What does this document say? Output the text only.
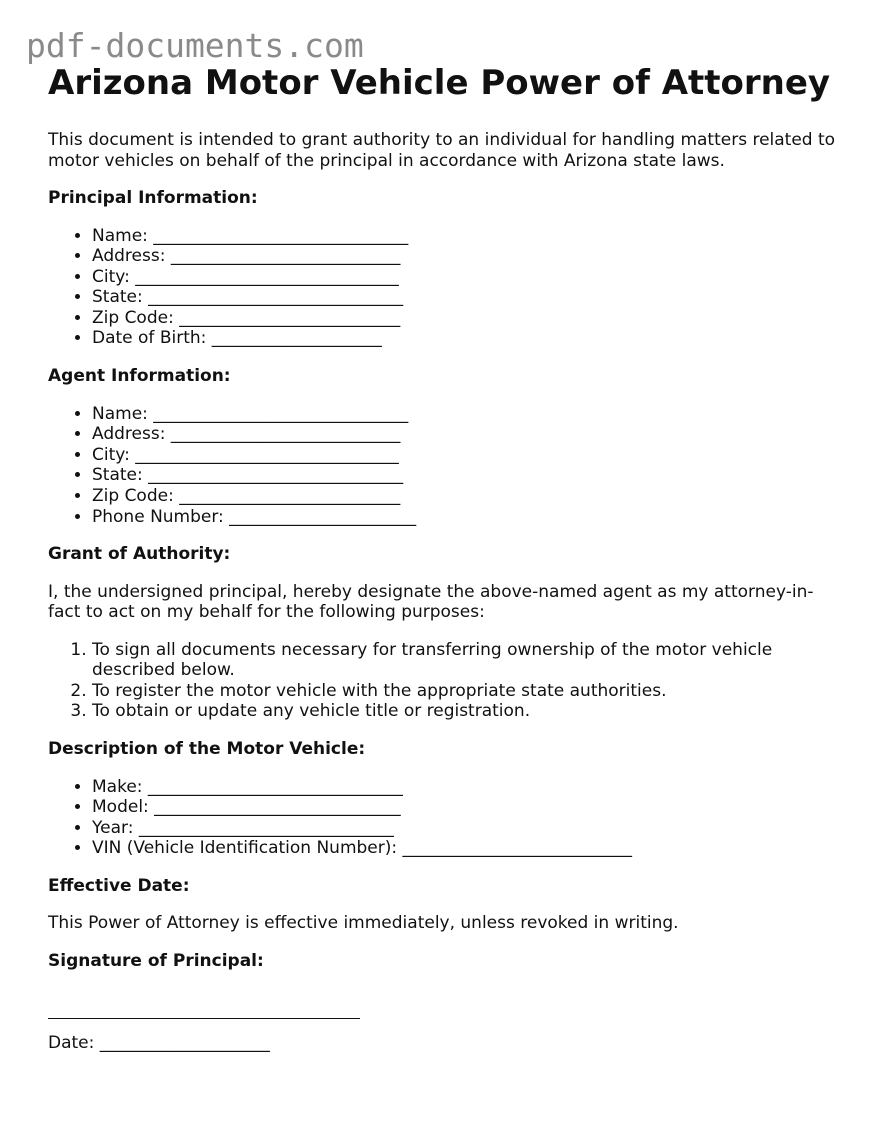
pdf-documents.com
Arizona Motor Vehicle Power of Attorney

This document is intended to grant authority to an individual for handling matters related to motor vehicles on behalf of the principal in accordance with Arizona state laws.

Principal Information:
• Name: ______________________________
• Address: ___________________________
• City: _______________________________
• State: ______________________________
• Zip Code: __________________________
• Date of Birth: ____________________
Agent Information:
• Name: ______________________________
• Address: ___________________________
• City: _______________________________
• State: ______________________________
• Zip Code: __________________________
• Phone Number: ______________________
Grant of Authority:

I, the undersigned principal, hereby designate the above-named agent as my attorney-in-fact to act on my behalf for the following purposes:

1. To sign all documents necessary for transferring ownership of the motor vehicle described below.
2. To register the motor vehicle with the appropriate state authorities.
3. To obtain or update any vehicle title or registration.
Description of the Motor Vehicle:
• Make: ______________________________
• Model: _____________________________
• Year: ______________________________
• VIN (Vehicle Identification Number): ___________________________
Effective Date:

This Power of Attorney is effective immediately, unless revoked in writing.

Signature of Principal:

Date: ____________________
